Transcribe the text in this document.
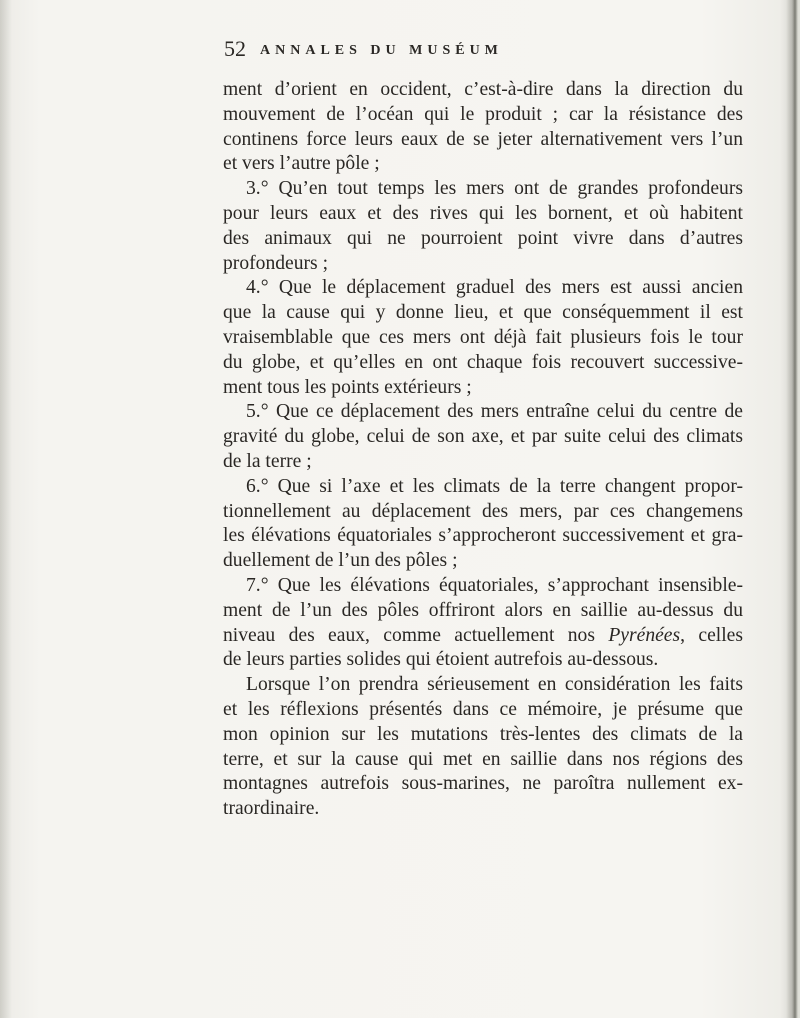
52 ANNALES DU MUSÉUM
ment d’orient en occident, c’est-à-dire dans la direction du
mouvement de l’océan qui le produit ; car la résistance des
continens force leurs eaux de se jeter alternativement vers l’un
et vers l’autre pôle ;
3.° Qu’en tout temps les mers ont de grandes profondeurs
pour leurs eaux et des rives qui les bornent, et où habitent
des animaux qui ne pourroient point vivre dans d’autres
profondeurs ;
4.° Que le déplacement graduel des mers est aussi ancien
que la cause qui y donne lieu, et que conséquemment il est
vraisemblable que ces mers ont déjà fait plusieurs fois le tour
du globe, et qu’elles en ont chaque fois recouvert successive-
ment tous les points extérieurs ;
5.° Que ce déplacement des mers entraîne celui du centre de
gravité du globe, celui de son axe, et par suite celui des climats
de la terre ;
6.° Que si l’axe et les climats de la terre changent propor-
tionnellement au déplacement des mers, par ces changemens
les élévations équatoriales s’approcheront successivement et gra-
duellement de l’un des pôles ;
7.° Que les élévations équatoriales, s’approchant insensible-
ment de l’un des pôles offriront alors en saillie au-dessus du
niveau des eaux, comme actuellement nos Pyrénées, celles
de leurs parties solides qui étoient autrefois au-dessous.
Lorsque l’on prendra sérieusement en considération les faits
et les réflexions présentés dans ce mémoire, je présume que
mon opinion sur les mutations très-lentes des climats de la
terre, et sur la cause qui met en saillie dans nos régions des
montagnes autrefois sous-marines, ne paroîtra nullement ex-
traordinaire.
